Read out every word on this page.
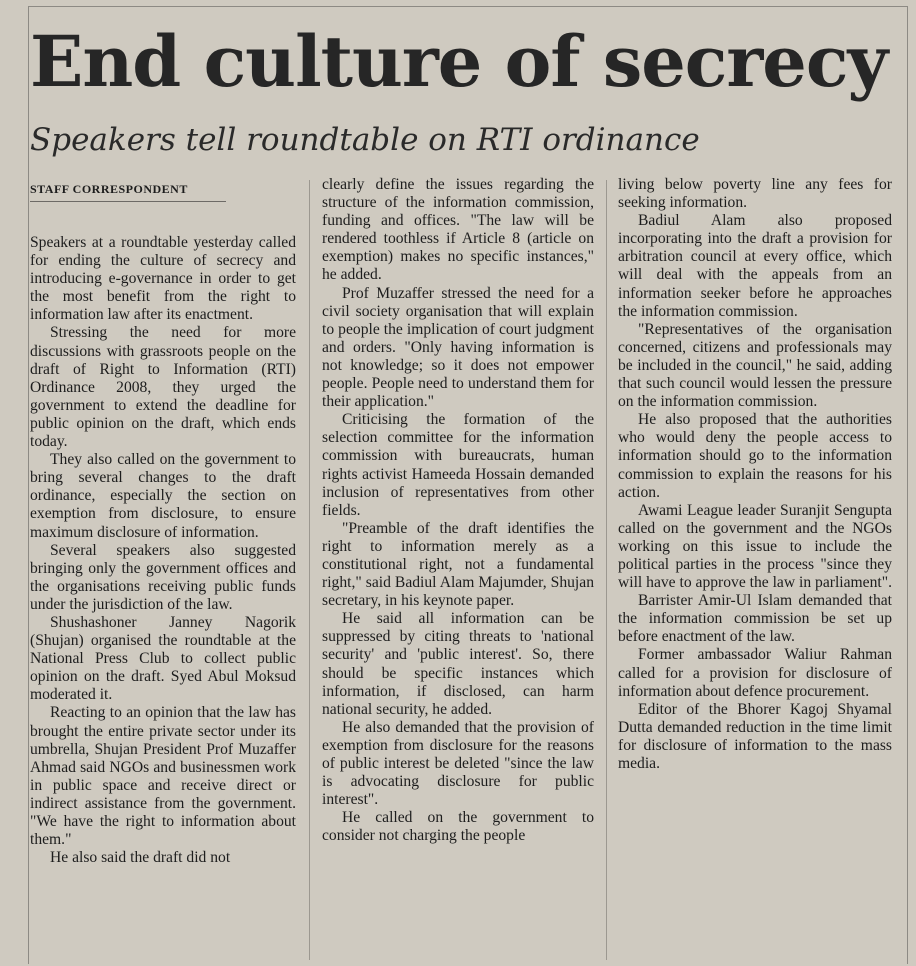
End culture of secrecy
Speakers tell roundtable on RTI ordinance
STAFF CORRESPONDENT

Speakers at a roundtable yesterday called for ending the culture of secrecy and introducing e-governance in order to get the most benefit from the right to information law after its enactment.

Stressing the need for more discussions with grassroots people on the draft of Right to Information (RTI) Ordinance 2008, they urged the government to extend the deadline for public opinion on the draft, which ends today.

They also called on the government to bring several changes to the draft ordinance, especially the section on exemption from disclosure, to ensure maximum disclosure of information.

Several speakers also suggested bringing only the government offices and the organisations receiving public funds under the jurisdiction of the law.

Shushashoner Janney Nagorik (Shujan) organised the roundtable at the National Press Club to collect public opinion on the draft. Syed Abul Moksud moderated it.

Reacting to an opinion that the law has brought the entire private sector under its umbrella, Shujan President Prof Muzaffer Ahmad said NGOs and businessmen work in public space and receive direct or indirect assistance from the government. "We have the right to information about them."

He also said the draft did not

clearly define the issues regarding the structure of the information commission, funding and offices. "The law will be rendered toothless if Article 8 (article on exemption) makes no specific instances," he added.

Prof Muzaffer stressed the need for a civil society organisation that will explain to people the implication of court judgment and orders. "Only having information is not knowledge; so it does not empower people. People need to understand them for their application."

Criticising the formation of the selection committee for the information commission with bureaucrats, human rights activist Hameeda Hossain demanded inclusion of representatives from other fields.

"Preamble of the draft identifies the right to information merely as a constitutional right, not a fundamental right," said Badiul Alam Majumder, Shujan secretary, in his keynote paper.

He said all information can be suppressed by citing threats to 'national security' and 'public interest'. So, there should be specific instances which information, if disclosed, can harm national security, he added.

He also demanded that the provision of exemption from disclosure for the reasons of public interest be deleted "since the law is advocating disclosure for public interest".

He called on the government to consider not charging the people

living below poverty line any fees for seeking information.

Badiul Alam also proposed incorporating into the draft a provision for arbitration council at every office, which will deal with the appeals from an information seeker before he approaches the information commission.

"Representatives of the organisation concerned, citizens and professionals may be included in the council," he said, adding that such council would lessen the pressure on the information commission.

He also proposed that the authorities who would deny the people access to information should go to the information commission to explain the reasons for his action.

Awami League leader Suranjit Sengupta called on the government and the NGOs working on this issue to include the political parties in the process "since they will have to approve the law in parliament".

Barrister Amir-Ul Islam demanded that the information commission be set up before enactment of the law.

Former ambassador Waliur Rahman called for a provision for disclosure of information about defence procurement.

Editor of the Bhorer Kagoj Shyamal Dutta demanded reduction in the time limit for disclosure of information to the mass media.
